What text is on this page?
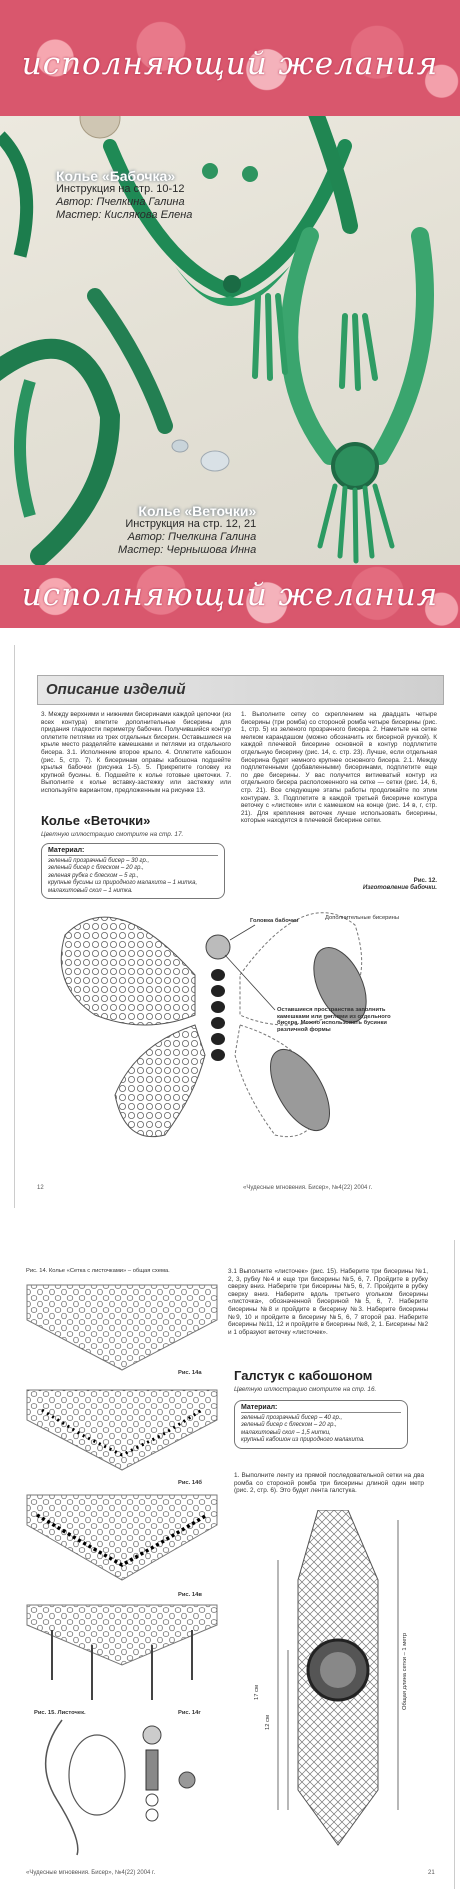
исполняющий желания
Колье «Бабочка»
Инструкция на стр. 10-12
Автор: Пчелкина Галина
Мастер: Кислякова Елена
Колье «Веточки»
Инструкция на стр. 12, 21
Автор: Пчелкина Галина
Мастер: Чернышова Инна
исполняющий желания
Описание изделий
3. Между верхними и нижними бисеринами каждой цепочки (из всех контура) впетите дополнительные бисерины для придания гладкости периметру бабочки. Получившийся контур оплетите петлями из трех отдельных бисерин. Оставьшиеся на крыле место разделяйте камешками и петлями из отдельного бисера. 3.1. Исполнение второе крыло. 4. Оплетите кабошон (рис. 5, стр. 7). К бисеринам оправы кабошона подшейте крылья бабочки (рисунка 1-5). 5. Прикрепите головку из крупной бусины. 6. Подшейте к колье готовые цветочки. 7. Выполните к колье вставку-застежку или застежку или используйте вариантом, предложенным на рисунке 13.
1. Выполните сетку со скреплением на двадцать четыре бисерины (три ромба) со стороной ромба четыре бисерины (рис. 1, стр. 5) из зеленого прозрачного бисера. 2. Наметьте на сетке мелком карандашом (можно обозначить их бисерной ручкой). К каждой плечевой бисерине основной в контур подплетите отдельную бисерину (рис. 14, с. стр. 23). Лучше, если отдельная бисерина будет немного крупнее основного бисера. 2.1. Между подплетенными (добавленными) бисеринами, подплетите еще по две бисерины. У вас получится витиеватый контур из отдельного бисера расположенного на сетке — сетки (рис. 14, 6, стр. 21). Все следующие этапы работы продолжайте по этим контурам. 3. Подплетите в каждой третьей бисерине контура веточку с «листком» или с камешком на конце (рис. 14 в, г, стр. 21). Для крепления веточек лучше использовать бисерины, которые находятся в плечевой бисерине сетки.
Колье «Веточки»
Цветную иллюстрацию смотрите на стр. 17.
Материал:
зеленый прозрачный бисер – 30 гр.,
зеленый бисер с блеском – 20 гр.,
зеленая рубка с блеском – 5 гр.,
крупные бусины из природного малахита – 1 нитка,
малахитовый скол – 1 нитка.
Рис. 12.
Изготовление бабочки.
Головка бабочки	Дополнительные бисерины
Оставшиеся пространства заполнить камешками или петлями из отдельного бисера. Можно использовать бусинки различной формы
12	«Чудесные мгновения. Бисер», №4(22) 2004 г.
Рис. 14. Колье «Сетка с листочками» – общая схема.
Рис. 14а
Рис. 14б
Рис. 14в
Рис. 15. Листочек.	Рис. 14г
3.1 Выполните «листочек» (рис. 15). Наберите три бисерины №1, 2, 3, рубку №4 и еще три бисерины №5, 6, 7. Пройдите в рубку сверху вниз. Наберите три бисерины №5, 6, 7. Пройдите в рубку сверху вниз. Наберите вдоль третьего угольком бисерины «листочка», обозначенной бисериной №5, 6, 7. Наберите бисерины №8 и пройдите в бисерину №3. Наберите бисерины №9, 10 и пройдите в бисерину №5, 6, 7 второй раз. Наберите бисерины №11, 12 и пройдите в бисерины №8, 2, 1. Бисерины №2 и 1 образуют веточку «листочек».
Галстук с кабошоном
Цветную иллюстрацию смотрите на стр. 16.
Материал:
зеленый прозрачный бисер – 40 гр.,
зеленый бисер с блеском – 20 гр.,
малахитовый скол – 1,5 нитки,
крупный кабошон из природного малахита.
1. Выполните ленту из прямой последовательной сетки на два ромба со стороной ромба три бисерины длиной один метр (рис. 2, стр. 6). Это будет лента галстука.
17 см
12 см
Общая длина сетки – 1 метр
«Чудесные мгновения. Бисер», №4(22) 2004 г.	21
